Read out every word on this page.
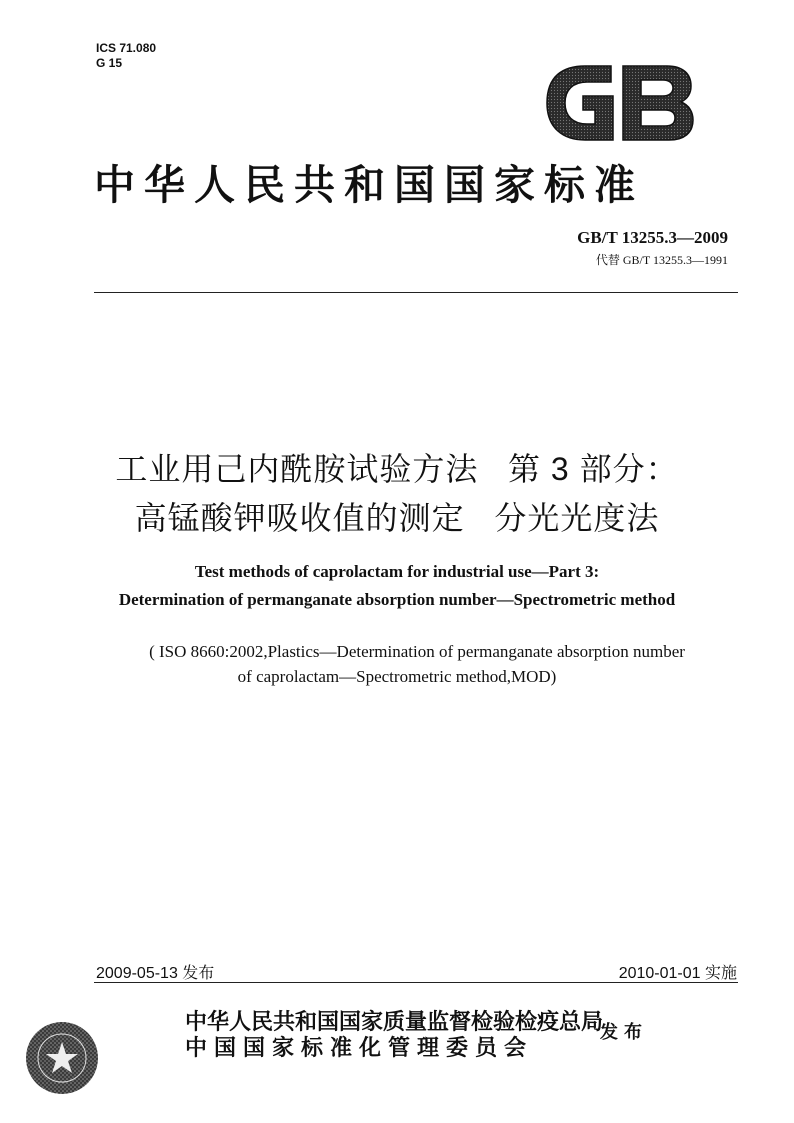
ICS 71.080
G 15
中华人民共和国国家标准
GB/T 13255.3—2009
代替 GB/T 13255.3—1991
工业用己内酰胺试验方法   第 3 部分：
高锰酸钾吸收值的测定   分光光度法
Test methods of caprolactam for industrial use—Part 3:
Determination of permanganate absorption number—Spectrometric method
( ISO 8660:2002,Plastics—Determination of permanganate absorption number
of caprolactam—Spectrometric method,MOD)
2009-05-13 发布	2010-01-01 实施
中华人民共和国国家质量监督检验检疫总局
中国国家标准化管理委员会
发布
